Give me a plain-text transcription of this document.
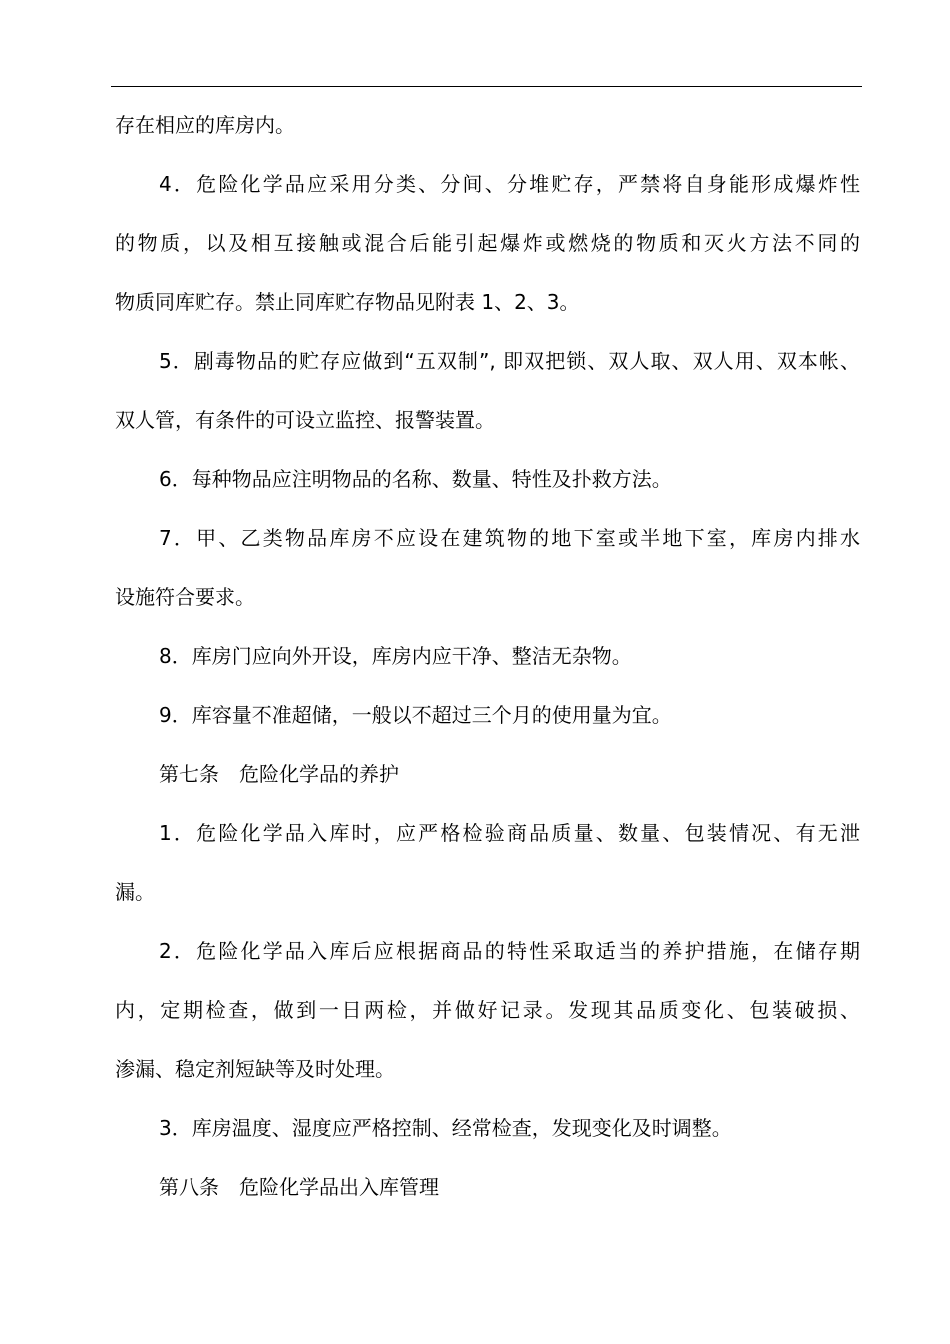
存在相应的库房内。
4．危险化学品应采用分类、分间、分堆贮存，严禁将自身能形成爆炸性
的物质，以及相互接触或混合后能引起爆炸或燃烧的物质和灭火方法不同的
物质同库贮存。禁止同库贮存物品见附表 1、2、3。
5．剧毒物品的贮存应做到“五双制”, 即双把锁、双人取、双人用、双本帐、
双人管，有条件的可设立监控、报警装置。
6．每种物品应注明物品的名称、数量、特性及扑救方法。
7．甲、乙类物品库房不应设在建筑物的地下室或半地下室，库房内排水
设施符合要求。
8．库房门应向外开设，库房内应干净、整洁无杂物。
9．库容量不准超储，一般以不超过三个月的使用量为宜。
第七条　危险化学品的养护
1．危险化学品入库时，应严格检验商品质量、数量、包装情况、有无泄
漏。
2．危险化学品入库后应根据商品的特性采取适当的养护措施，在储存期
内，定期检查，做到一日两检，并做好记录。发现其品质变化、包装破损、
渗漏、稳定剂短缺等及时处理。
3．库房温度、湿度应严格控制、经常检查，发现变化及时调整。
第八条　危险化学品出入库管理
